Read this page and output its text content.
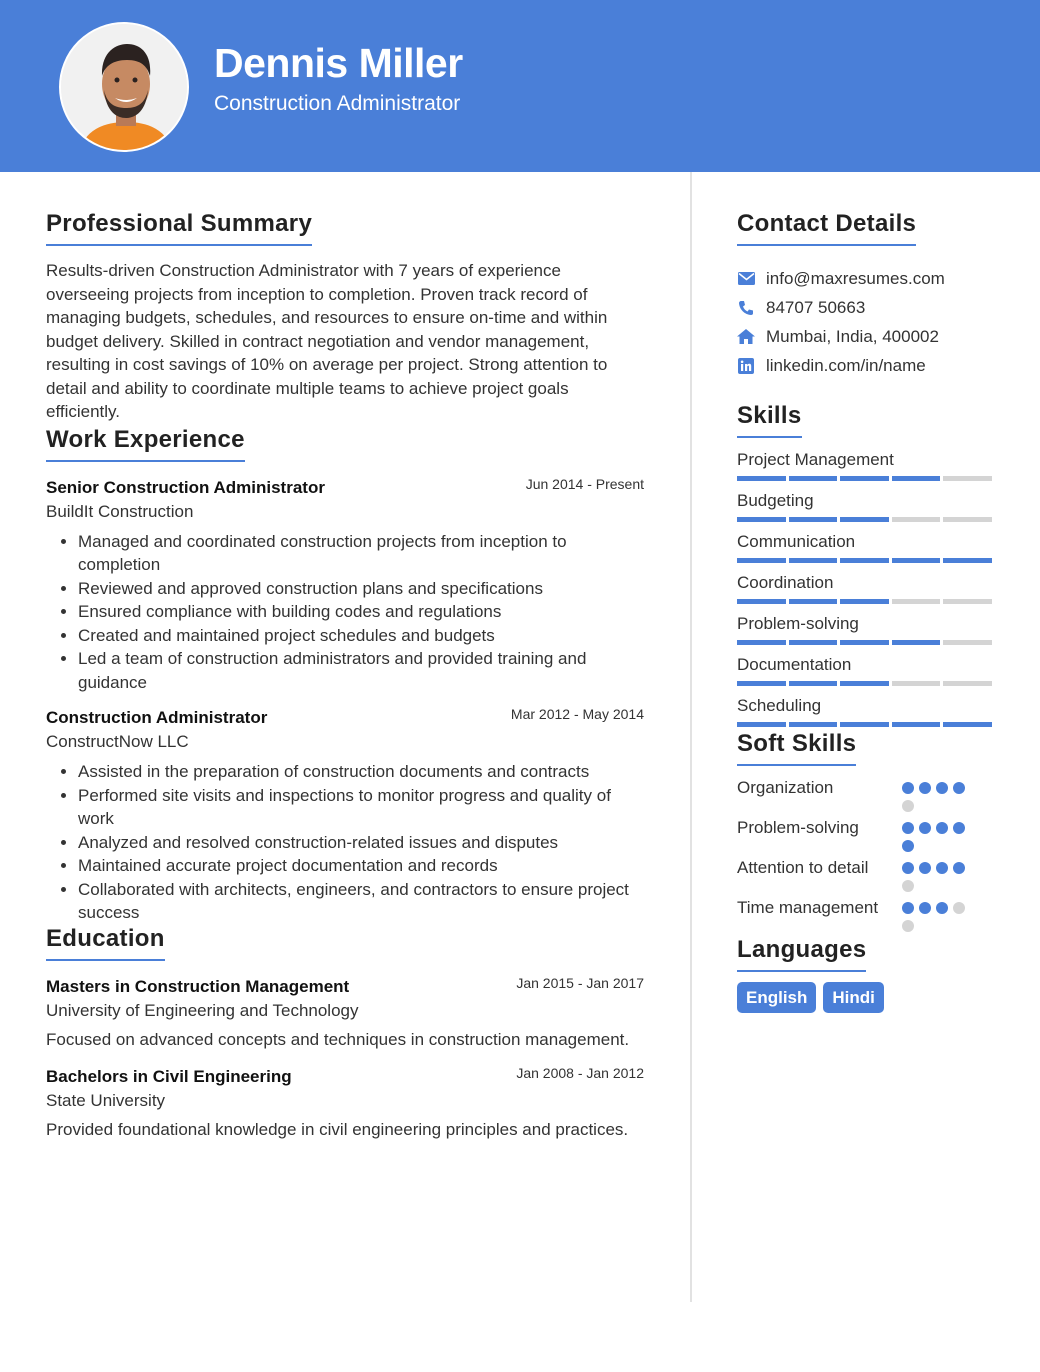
Dennis Miller
Construction Administrator
Professional Summary

Results-driven Construction Administrator with 7 years of experience overseeing projects from inception to completion. Proven track record of managing budgets, schedules, and resources to ensure on-time and within budget delivery. Skilled in contract negotiation and vendor management, resulting in cost savings of 10% on average per project. Strong attention to detail and ability to coordinate multiple teams to achieve project goals efficiently.

Work Experience
Senior Construction Administrator	Jun 2014 - Present
BuildIt Construction
• Managed and coordinated construction projects from inception to completion
• Reviewed and approved construction plans and specifications
• Ensured compliance with building codes and regulations
• Created and maintained project schedules and budgets
• Led a team of construction administrators and provided training and guidance
Construction Administrator	Mar 2012 - May 2014
ConstructNow LLC
• Assisted in the preparation of construction documents and contracts
• Performed site visits and inspections to monitor progress and quality of work
• Analyzed and resolved construction-related issues and disputes
• Maintained accurate project documentation and records
• Collaborated with architects, engineers, and contractors to ensure project success
Education
Masters in Construction Management	Jan 2015 - Jan 2017
University of Engineering and Technology
Focused on advanced concepts and techniques in construction management.
Bachelors in Civil Engineering	Jan 2008 - Jan 2012
State University
Provided foundational knowledge in civil engineering principles and practices.
Contact Details
info@maxresumes.com
84707 50663
Mumbai, India, 400002
linkedin.com/in/name
Skills
Project Management
Budgeting
Communication
Coordination
Problem-solving
Documentation
Scheduling
Soft Skills
Organization
Problem-solving
Attention to detail
Time management
Languages
English	Hindi
